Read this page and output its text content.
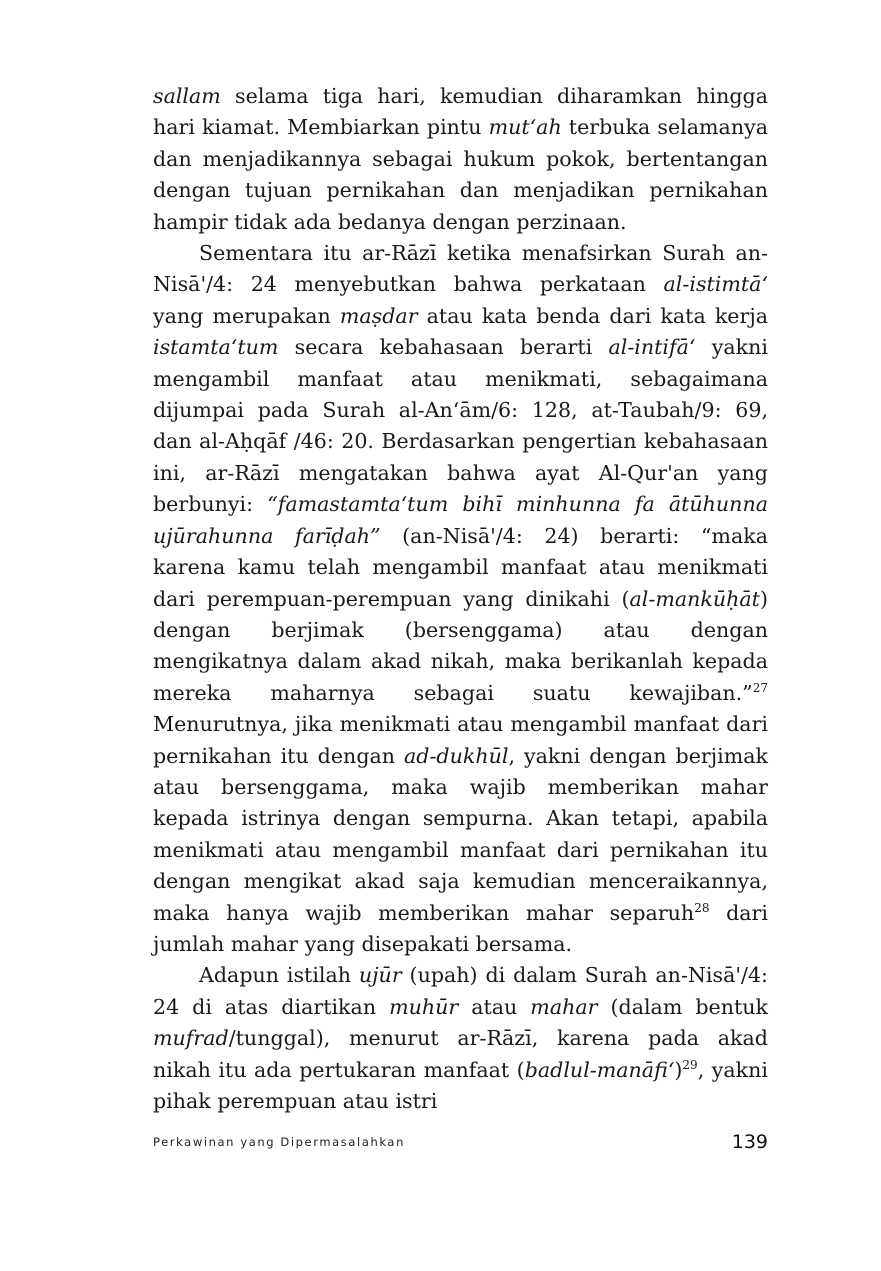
sallam selama tiga hari, kemudian diharamkan hingga hari kiamat. Membiarkan pintu mut‘ah terbuka selamanya dan menjadikannya sebagai hukum pokok, bertentangan dengan tujuan pernikahan dan menjadikan pernikahan hampir tidak ada bedanya dengan perzinaan.

Sementara itu ar-Rāzī ketika menafsirkan Surah an-Nisā'/4: 24 menyebutkan bahwa perkataan al-istimtā‘ yang merupakan maṣdar atau kata benda dari kata kerja istamta‘tum secara kebahasaan berarti al-intifā‘ yakni mengambil manfaat atau menikmati, sebagaimana dijumpai pada Surah al-An‘ām/6: 128, at-Taubah/9: 69, dan al-Aḥqāf /46: 20. Berdasarkan pengertian kebahasaan ini, ar-Rāzī mengatakan bahwa ayat Al-Qur'an yang berbunyi: “famastamta‘tum bihī minhunna fa ātūhunna ujūrahunna farīḍah” (an-Nisā'/4: 24) berarti: “maka karena kamu telah mengambil manfaat atau menikmati dari perempuan-perempuan yang dinikahi (al-mankūḥāt) dengan berjimak (bersenggama) atau dengan mengikatnya dalam akad nikah, maka berikanlah kepada mereka maharnya sebagai suatu kewajiban.”$^{27}$ Menurutnya, jika menikmati atau mengambil manfaat dari pernikahan itu dengan ad-dukhūl, yakni dengan berjimak atau bersenggama, maka wajib memberikan mahar kepada istrinya dengan sempurna. Akan tetapi, apabila menikmati atau mengambil manfaat dari pernikahan itu dengan mengikat akad saja kemudian menceraikannya, maka hanya wajib memberikan mahar separuh$^{28}$ dari jumlah mahar yang disepakati bersama.

Adapun istilah ujūr (upah) di dalam Surah an-Nisā'/4: 24 di atas diartikan muhūr atau mahar (dalam bentuk mufrad/tunggal), menurut ar-Rāzī, karena pada akad nikah itu ada pertukaran manfaat (badlul-manāfi‘)$^{29}$, yakni pihak perempuan atau istri

Perkawinan yang Dipermasalahkan	139
